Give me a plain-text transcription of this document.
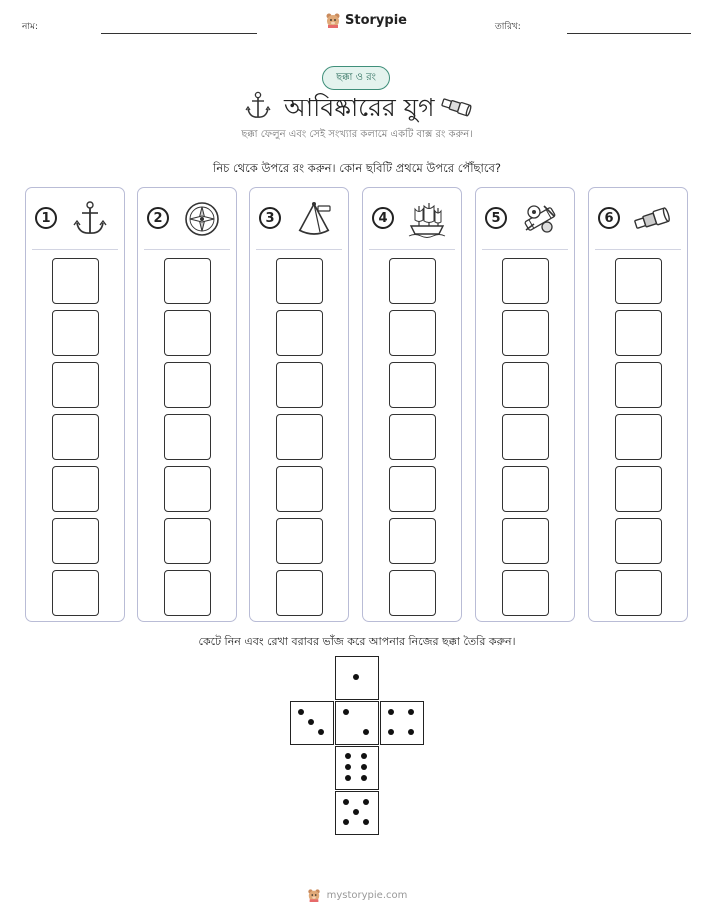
নাম:	Storypie	তারিখ:
ছক্কা ও রং
আবিষ্কারের যুগ
ছক্কা ফেলুন এবং সেই সংখ্যার কলামে একটি বাক্স রং করুন।
নিচ থেকে উপরে রং করুন। কোন ছবিটি প্রথমে উপরে পৌঁছাবে?
1	2	3	4	5	6
কেটে নিন এবং রেখা বরাবর ভাঁজ করে আপনার নিজের ছক্কা তৈরি করুন।
mystorypie.com
